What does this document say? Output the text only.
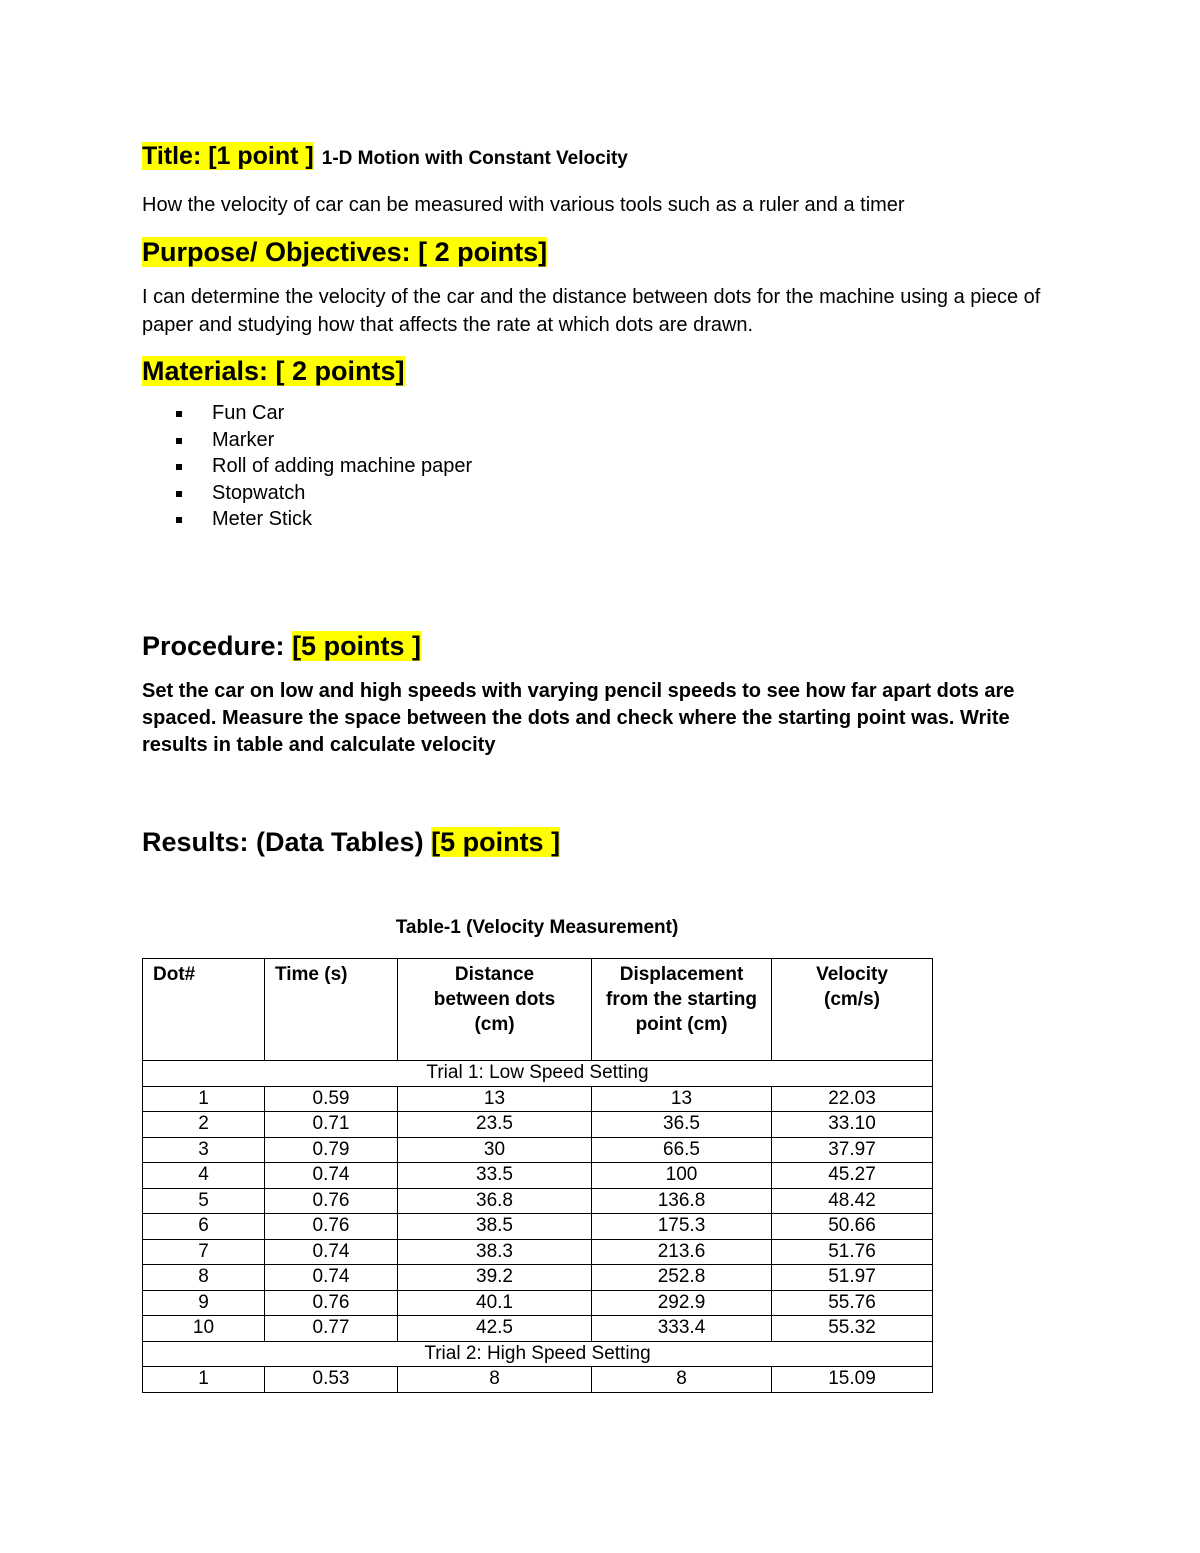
Title: [1 point ] 1-D Motion with Constant Velocity
How the velocity of car can be measured with various tools such as a ruler and a timer
Purpose/ Objectives: [ 2 points]
I can determine the velocity of the car and the distance between dots for the machine using a piece of paper and studying how that affects the rate at which dots are drawn.
Materials: [ 2 points]
Fun Car
Marker
Roll of adding machine paper
Stopwatch
Meter Stick
Procedure: [5 points ]
Set the car on low and high speeds with varying pencil speeds to see how far apart dots are spaced. Measure the space between the dots and check where the starting point was. Write results in table and calculate velocity
Results: (Data Tables) [5 points ]
Table-1 (Velocity Measurement)
Dot#	Time (s)	Distance between dots (cm)	Displacement from the starting point (cm)	Velocity (cm/s)
Trial 1: Low Speed Setting				
1	0.59	13	13	22.03
2	0.71	23.5	36.5	33.10
3	0.79	30	66.5	37.97
4	0.74	33.5	100	45.27
5	0.76	36.8	136.8	48.42
6	0.76	38.5	175.3	50.66
7	0.74	38.3	213.6	51.76
8	0.74	39.2	252.8	51.97
9	0.76	40.1	292.9	55.76
10	0.77	42.5	333.4	55.32
Trial 2: High Speed Setting				
1	0.53	8	8	15.09
